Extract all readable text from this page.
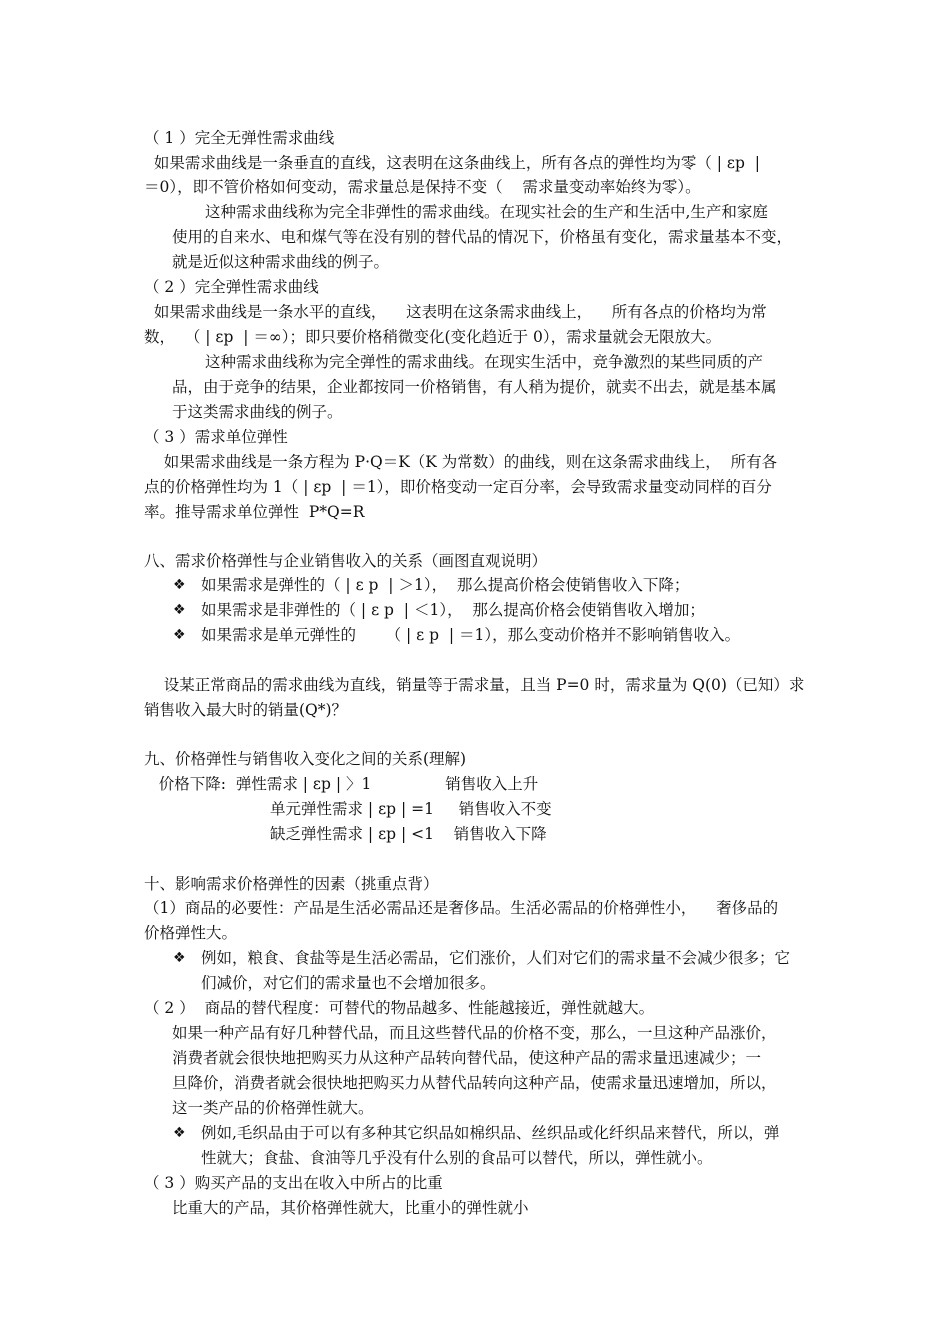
（ 1 ）完全无弹性需求曲线
如果需求曲线是一条垂直的直线，这表明在这条曲线上，所有各点的弹性均为零（ | εp  |
＝0），即不管价格如何变动，需求量总是保持不变（    需求量变动率始终为零）。
这种需求曲线称为完全非弹性的需求曲线。在现实社会的生产和生活中,生产和家庭
使用的自来水、电和煤气等在没有别的替代品的情况下，价格虽有变化，需求量基本不变，
就是近似这种需求曲线的例子。
（ 2 ）完全弹性需求曲线
如果需求曲线是一条水平的直线，    这表明在这条需求曲线上，    所有各点的价格均为常
数，  （ | εp  | ＝∞）；即只要价格稍微变化(变化趋近于 0），需求量就会无限放大。
这种需求曲线称为完全弹性的需求曲线。在现实生活中，竞争激烈的某些同质的产
品，由于竞争的结果，企业都按同一价格销售，有人稍为提价，就卖不出去，就是基本属
于这类需求曲线的例子。
（ 3 ）需求单位弹性
如果需求曲线是一条方程为 P·Q＝K（K 为常数）的曲线，则在这条需求曲线上，  所有各
点的价格弹性均为 1（ | εp  | ＝1），即价格变动一定百分率，会导致需求量变动同样的百分
率。推导需求单位弹性  P*Q=R
八、需求价格弹性与企业销售收入的关系（画图直观说明）
❖ 如果需求是弹性的（ | ε p  | ＞1），  那么提高价格会使销售收入下降；
❖ 如果需求是非弹性的（ | ε p  | ＜1），  那么提高价格会使销售收入增加；
❖ 如果需求是单元弹性的      （ | ε p  | ＝1），那么变动价格并不影响销售收入。
设某正常商品的需求曲线为直线，销量等于需求量，且当 P=0 时，需求量为 Q(0)（已知）求
销售收入最大时的销量(Q*)？
九、价格弹性与销售收入变化之间的关系(理解)
价格下降:  弹性需求 | εp | 〉1               销售收入上升
单元弹性需求 | εp | =1     销售收入不变
缺乏弹性需求 | εp | <1    销售收入下降
十、影响需求价格弹性的因素（挑重点背）
（1）商品的必要性：产品是生活必需品还是奢侈品。生活必需品的价格弹性小，    奢侈品的
价格弹性大。
❖ 例如，粮食、食盐等是生活必需品，它们涨价，人们对它们的需求量不会减少很多；它
们减价，对它们的需求量也不会增加很多。
（ 2 ）  商品的替代程度：可替代的物品越多、性能越接近，弹性就越大。
如果一种产品有好几种替代品，而且这些替代品的价格不变，那么，一旦这种产品涨价，
消费者就会很快地把购买力从这种产品转向替代品，使这种产品的需求量迅速减少；一
旦降价，消费者就会很快地把购买力从替代品转向这种产品，使需求量迅速增加，所以，
这一类产品的价格弹性就大。
❖ 例如,毛织品由于可以有多种其它织品如棉织品、丝织品或化纤织品来替代，所以，弹
性就大；食盐、食油等几乎没有什么别的食品可以替代，所以，弹性就小。
（ 3 ）购买产品的支出在收入中所占的比重
比重大的产品，其价格弹性就大，比重小的弹性就小
